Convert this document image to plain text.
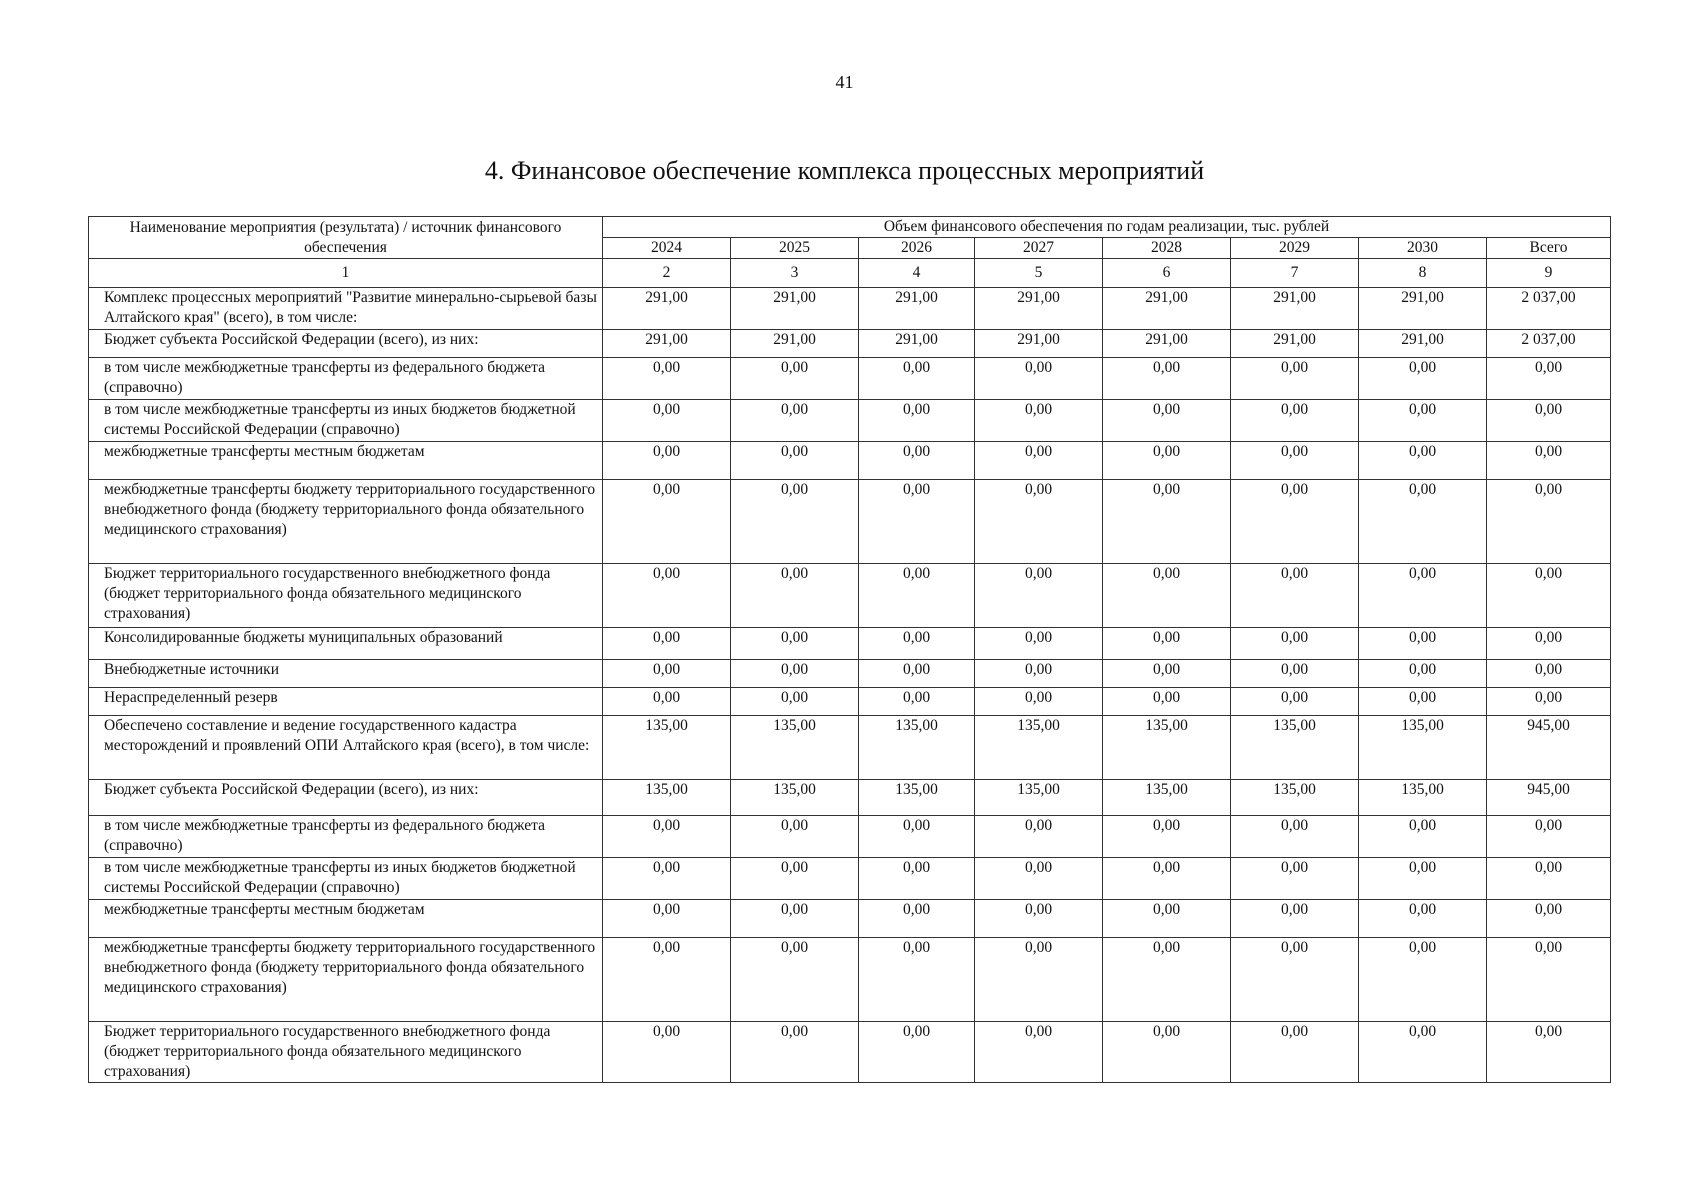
41
4. Финансовое обеспечение комплекса процессных мероприятий
Наименование мероприятия (результата) / источник финансового обеспечения	Объем финансового обеспечения по годам реализации, тыс. рублей							
	2024	2025	2026	2027	2028	2029	2030	Всего
1	2	3	4	5	6	7	8	9
Комплекс процессных мероприятий "Развитие минерально-сырьевой базы Алтайского края" (всего), в том числе:	291,00	291,00	291,00	291,00	291,00	291,00	291,00	2 037,00
Бюджет субъекта Российской Федерации (всего), из них:	291,00	291,00	291,00	291,00	291,00	291,00	291,00	2 037,00
в том числе межбюджетные трансферты из федерального бюджета (справочно)	0,00	0,00	0,00	0,00	0,00	0,00	0,00	0,00
в том числе межбюджетные трансферты из иных бюджетов бюджетной системы Российской Федерации (справочно)	0,00	0,00	0,00	0,00	0,00	0,00	0,00	0,00
межбюджетные трансферты местным бюджетам	0,00	0,00	0,00	0,00	0,00	0,00	0,00	0,00
межбюджетные трансферты бюджету территориального государственного внебюджетного фонда (бюджету территориального фонда обязательного медицинского страхования)	0,00	0,00	0,00	0,00	0,00	0,00	0,00	0,00
Бюджет территориального государственного внебюджетного фонда (бюджет территориального фонда обязательного медицинского страхования)	0,00	0,00	0,00	0,00	0,00	0,00	0,00	0,00
Консолидированные бюджеты муниципальных образований	0,00	0,00	0,00	0,00	0,00	0,00	0,00	0,00
Внебюджетные источники	0,00	0,00	0,00	0,00	0,00	0,00	0,00	0,00
Нераспределенный резерв	0,00	0,00	0,00	0,00	0,00	0,00	0,00	0,00
Обеспечено составление и ведение государственного кадастра месторождений и проявлений ОПИ Алтайского края (всего), в том числе:	135,00	135,00	135,00	135,00	135,00	135,00	135,00	945,00
Бюджет субъекта Российской Федерации (всего), из них:	135,00	135,00	135,00	135,00	135,00	135,00	135,00	945,00
в том числе межбюджетные трансферты из федерального бюджета (справочно)	0,00	0,00	0,00	0,00	0,00	0,00	0,00	0,00
в том числе межбюджетные трансферты из иных бюджетов бюджетной системы Российской Федерации (справочно)	0,00	0,00	0,00	0,00	0,00	0,00	0,00	0,00
межбюджетные трансферты местным бюджетам	0,00	0,00	0,00	0,00	0,00	0,00	0,00	0,00
межбюджетные трансферты бюджету территориального государственного внебюджетного фонда (бюджету территориального фонда обязательного медицинского страхования)	0,00	0,00	0,00	0,00	0,00	0,00	0,00	0,00
Бюджет территориального государственного внебюджетного фонда (бюджет территориального фонда обязательного медицинского страхования)	0,00	0,00	0,00	0,00	0,00	0,00	0,00	0,00
